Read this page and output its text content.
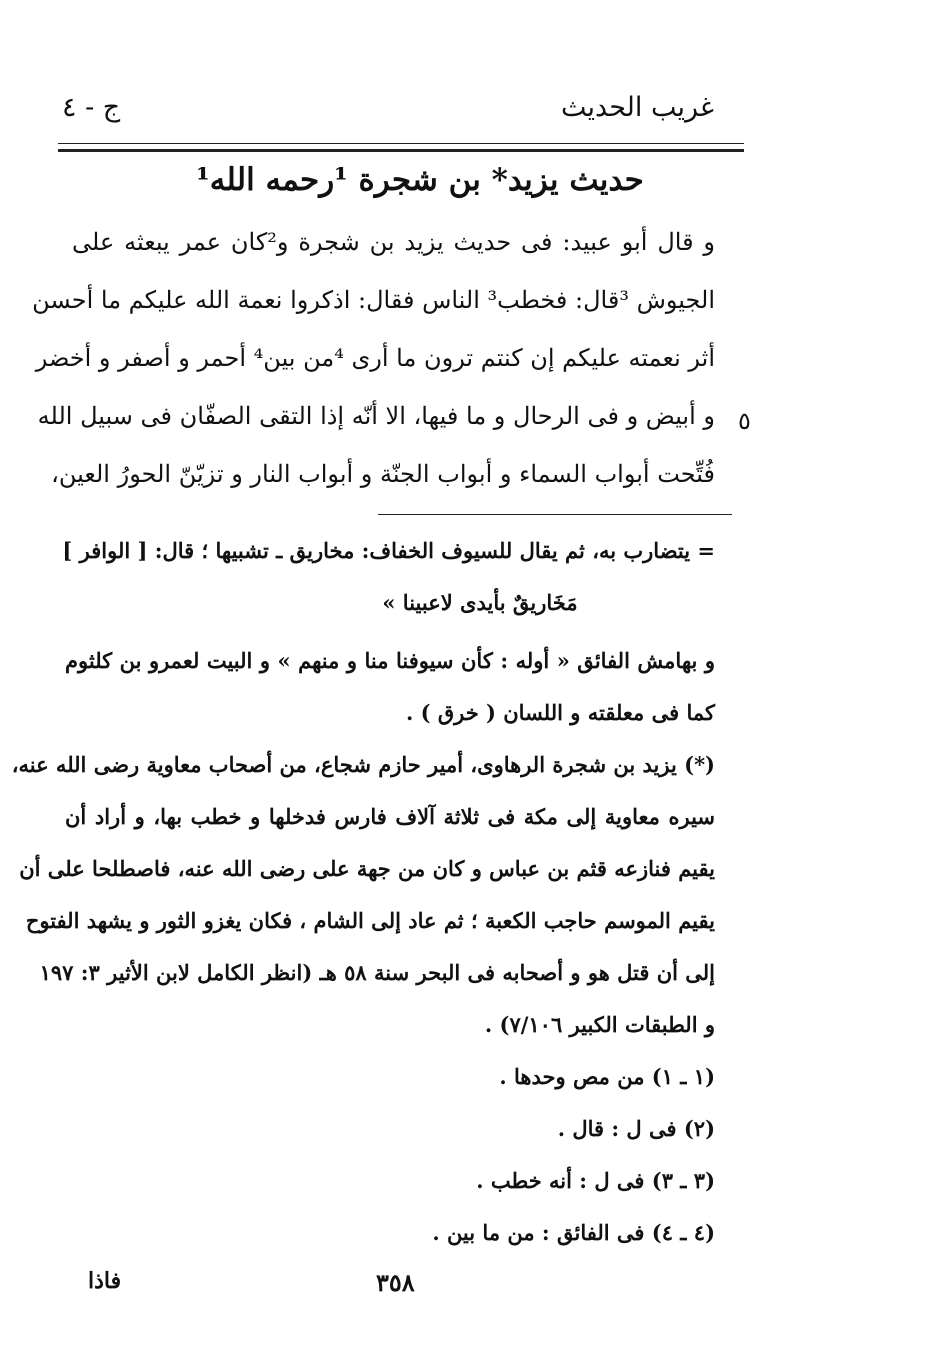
غريب الحديث
ج - ٤
حديث يزيد* بن شجرة ¹رحمه الله¹
و قال أبو عبيد: فى حديث يزيد بن شجرة و²كان عمر يبعثه على
الجيوش ³قال: فخطب³ الناس فقال: اذكروا نعمة الله عليكم ما أحسن
أثر نعمته عليكم إن كنتم ترون ما أرى ⁴من بين⁴ أحمر و أصفر و أخضر
و أبيض و فى الرحال و ما فيها، الا أنّه إذا التقى الصفّان فى سبيل الله
فُتِّحت أبواب السماء و أبواب الجنّة و أبواب النار و تزيّنّ الحورُ العين،
٥
= يتضارب به، ثم يقال للسيوف الخفاف: مخاريق ـ تشبيها ؛ قال: [ الوافر ]
مَخَاريقٌ بأيدى لاعبينا »
و بهامش الفائق « أوله : كأن سيوفنا منا و منهم » و البيت لعمرو بن كلثوم
كما فى معلقته و اللسان ( خرق ) .
(*) يزيد بن شجرة الرهاوى، أمير حازم شجاع، من أصحاب معاوية رضى الله عنه،
سيره معاوية إلى مكة فى ثلاثة آلاف فارس فدخلها و خطب بها، و أراد أن
يقيم فنازعه قثم بن عباس و كان من جهة على رضى الله عنه، فاصطلحا على أن
يقيم الموسم حاجب الكعبة ؛ ثم عاد إلى الشام ، فكان يغزو الثور و يشهد الفتوح
إلى أن قتل هو و أصحابه فى البحر سنة ٥٨ هـ (انظر الكامل لابن الأثير ٣: ١٩٧
و الطبقات الكبير ٧/١٠٦) .
(١ ـ ١) من مص وحدها .
(٢) فى ل : قال .
(٣ ـ ٣) فى ل : أنه خطب .
(٤ ـ ٤) فى الفائق : من ما بين .
فاذا	٣٥٨
